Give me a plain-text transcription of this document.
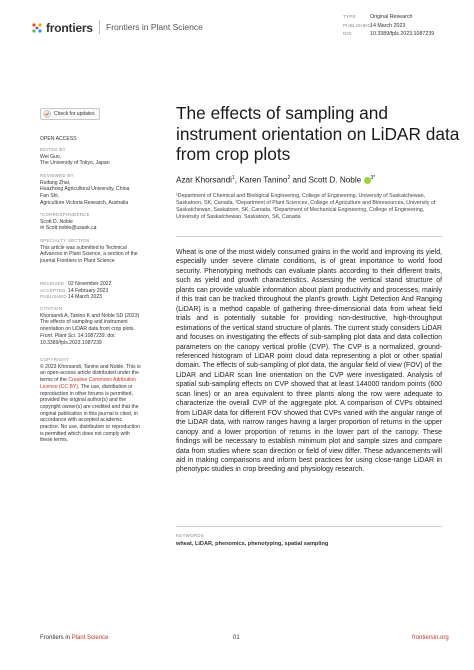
frontiers Frontiers in Plant Science
TYPE	Original Research
PUBLISHED14 March 2023
DOI	10.3389/fpls.2023.1087239
Check for updates
OPEN ACCESS
EDITED BY
Wei Guo,
The University of Tokyo, Japan
REVIEWED BY
Ruifang Zhai,
Huazhong Agricultural University, China
Fan Shi,
Agriculture Victoria Research, Australia
*CORRESPONDENCE
Scott D. Noble
✉ Scott.noble@usask.ca
SPECIALTY SECTION
This article was submitted to Technical Advances in Plant Science, a section of the journal Frontiers in Plant Science
RECEIVED 02 November 2022
ACCEPTED 14 February 2023
PUBLISHED 14 March 2023
CITATION
Khorsandi A, Tanino K and Noble SD (2023) The effects of sampling and instrument orientation on LiDAR data from crop plots. Front. Plant Sci. 14:1087239. doi: 10.3389/fpls.2023.1087239
COPYRIGHT
© 2023 Khorsandi, Tanino and Noble. This is an open-access article distributed under the terms of the Creative Commons Attribution License (CC BY). The use, distribution or reproduction in other forums is permitted, provided the original author(s) and the copyright owner(s) are credited and that the original publication in this journal is cited, in accordance with accepted academic practice. No use, distribution or reproduction is permitted which does not comply with these terms.
The effects of sampling and instrument orientation on LiDAR data from crop plots
Azar Khorsandi$^1$, Karen Tanino$^2$ and Scott D. Noble $^{3*}$
¹Department of Chemical and Biological Engineering, College of Engineering, University of Saskatchewan, Saskatoon, SK, Canada, ²Department of Plant Sciences, College of Agriculture and Bioresources, University of Saskatchewan, Saskatoon, SK, Canada, ³Department of Mechanical Engineering, College of Engineering, University of Saskatchewan, Saskatoon, SK, Canada
Wheat is one of the most widely consumed grains in the world and improving its yield, especially under severe climate conditions, is of great importance to world food security. Phenotyping methods can evaluate plants according to their different traits, such as yield and growth characteristics. Assessing the vertical stand structure of plants can provide valuable information about plant productivity and processes, mainly if this trait can be tracked throughout the plant's growth. Light Detection And Ranging (LiDAR) is a method capable of gathering three-dimensional data from wheat field trials and is potentially suitable for providing non-destructive, high-throughput estimations of the vertical stand structure of plants. The current study considers LiDAR and focuses on investigating the effects of sub-sampling plot data and data collection parameters on the canopy vertical profile (CVP). The CVP is a normalized, ground-referenced histogram of LiDAR point cloud data representing a plot or other spatial domain. The effects of sub-sampling of plot data, the angular field of view (FOV) of the LiDAR and LiDAR scan line orientation on the CVP were investigated. Analysis of spatial sub-sampling effects on CVP showed that at least 144000 random points (600 scan lines) or an area equivalent to three plants along the row were adequate to characterize the overall CVP of the aggregate plot. A comparison of CVPs obtained from LiDAR data for different FOV showed that CVPs varied with the angular range of the LiDAR data, with narrow ranges having a larger proportion of returns in the upper canopy and a lower proportion of returns in the lower part of the canopy. These findings will be necessary to establish minimum plot and sample sizes and compare data from studies where scan direction or field of view differ. These advancements will aid in making comparisons and inform best practices for using close-range LiDAR in phenotypic studies in crop breeding and physiology research.
KEYWORDS
wheat, LiDAR, phenomics, phenotyping, spatial sampling
Frontiers in Plant Science	01	frontiersin.org
